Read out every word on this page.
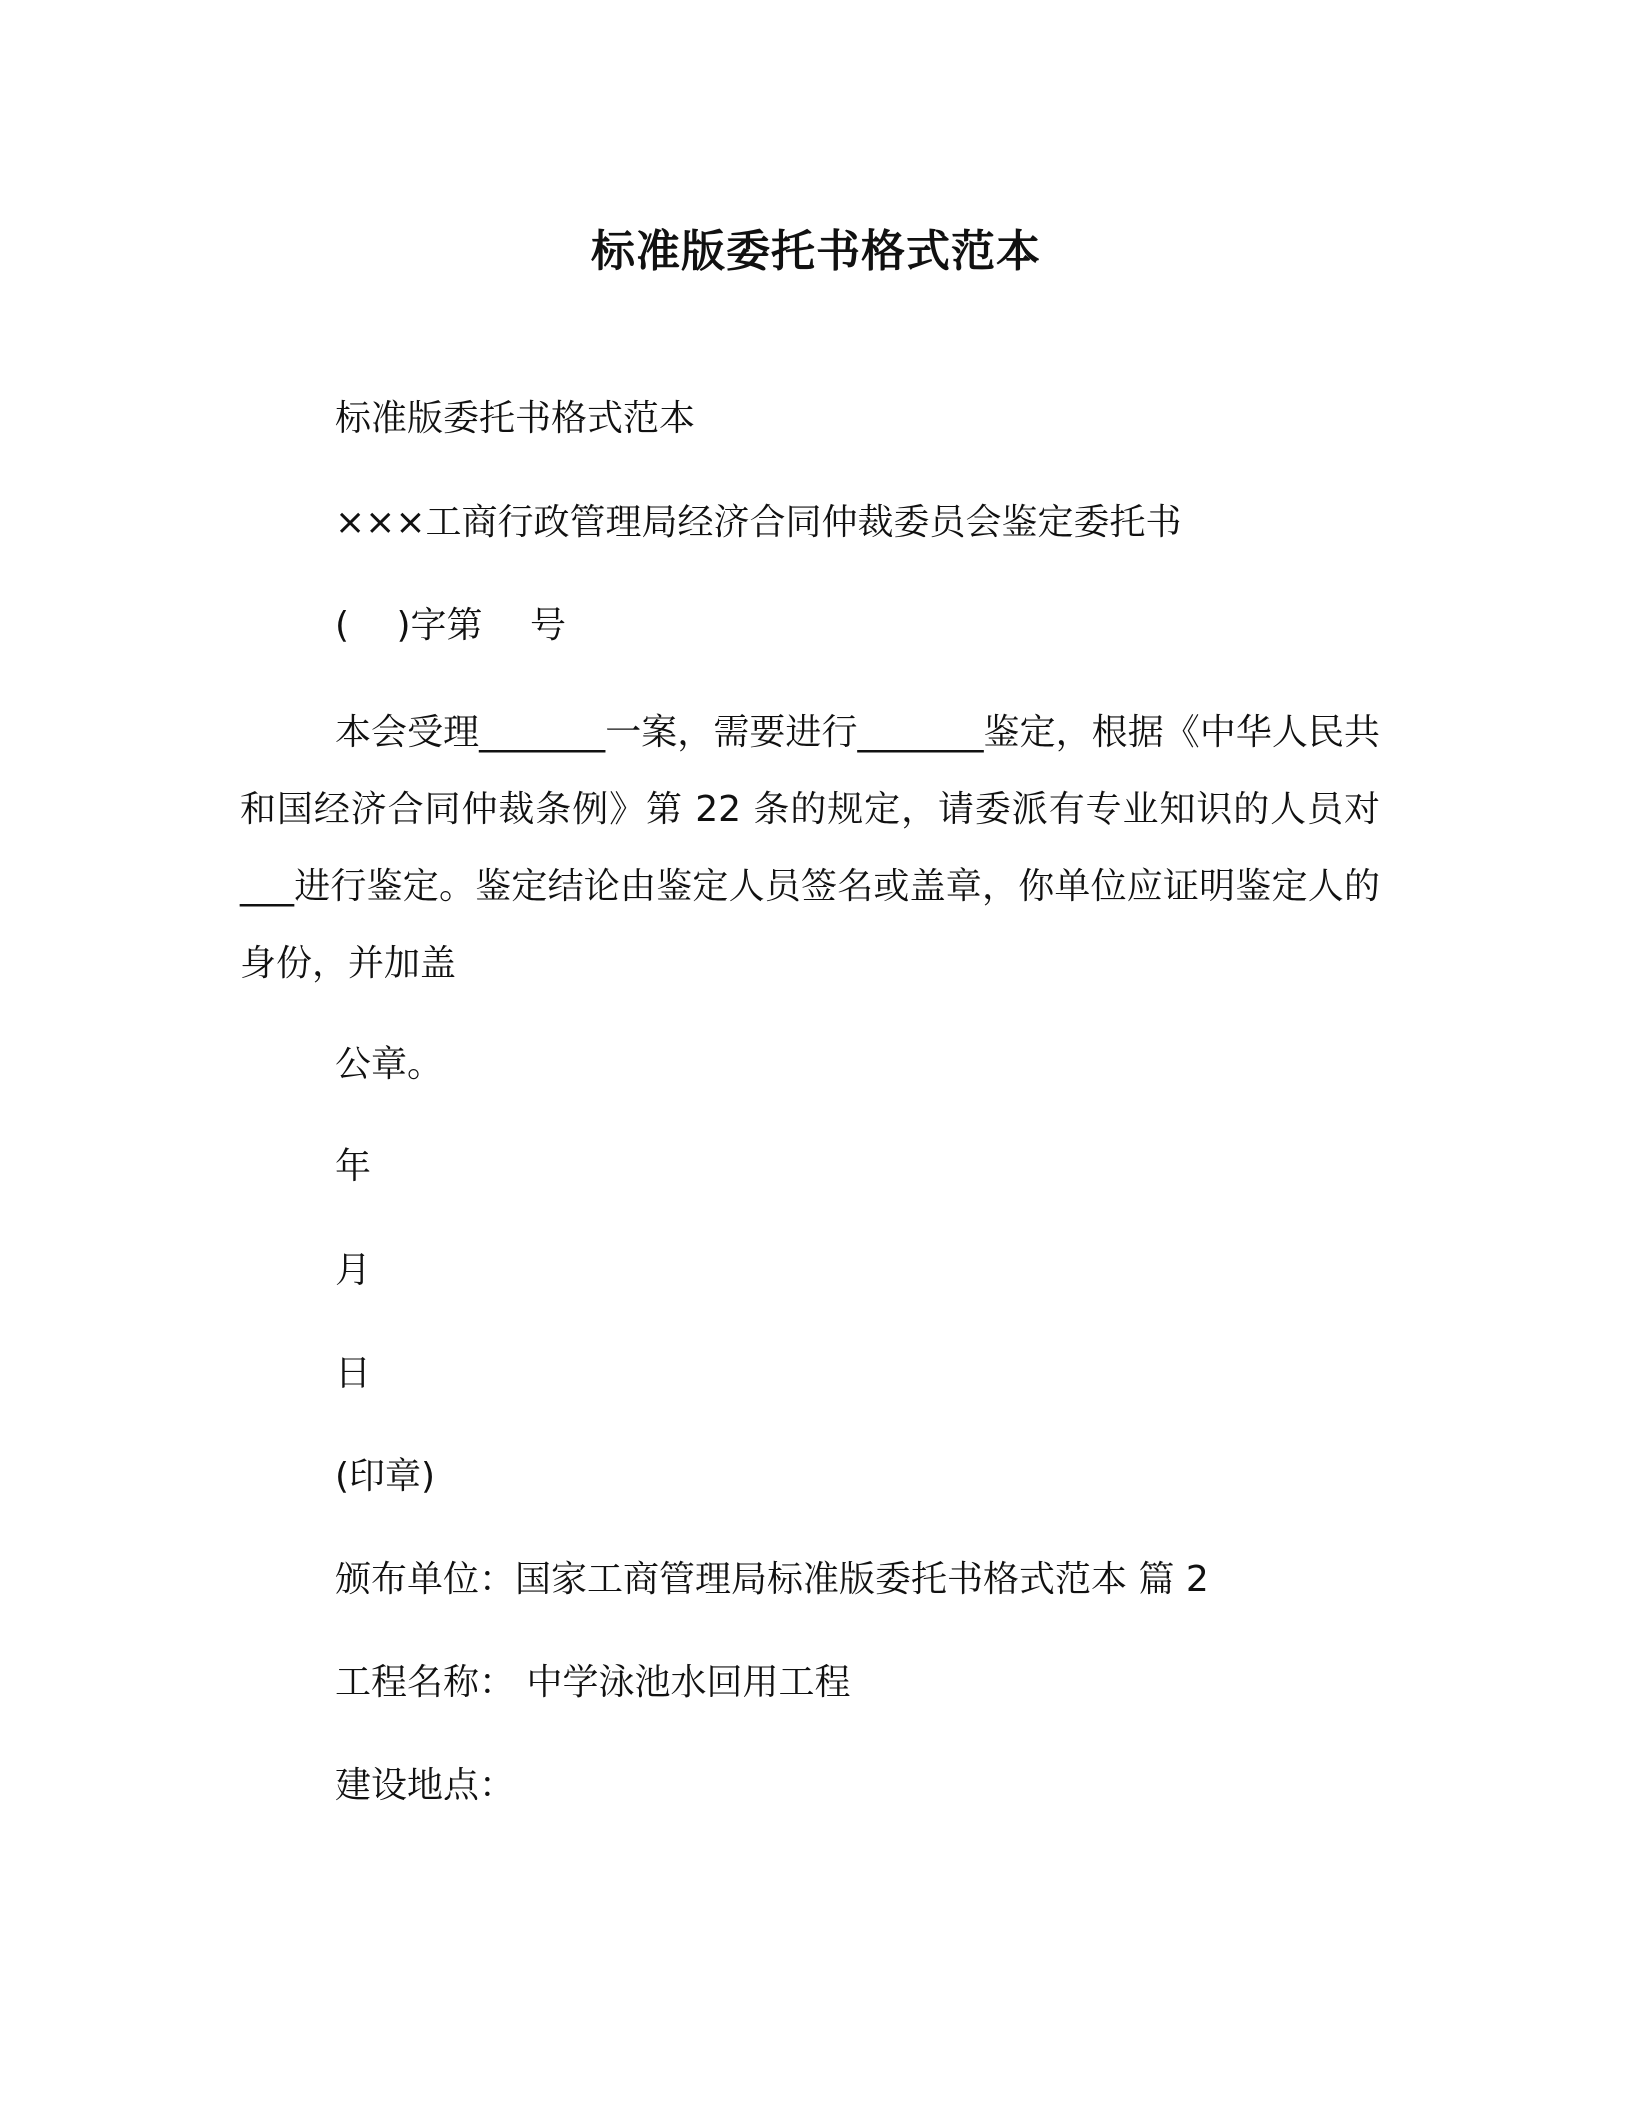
标准版委托书格式范本

标准版委托书格式范本

×××工商行政管理局经济合同仲裁委员会鉴定委托书

(　 )字第　 号

本会受理_______一案，需要进行_______鉴定，根据《中华人民共和国经济合同仲裁条例》第 22 条的规定，请委派有专业知识的人员对___进行鉴定。鉴定结论由鉴定人员签名或盖章，你单位应证明鉴定人的身份，并加盖

公章。

年

月

日

(印章)

颁布单位：国家工商管理局标准版委托书格式范本 篇 2

工程名称： 中学泳池水回用工程

建设地点：
